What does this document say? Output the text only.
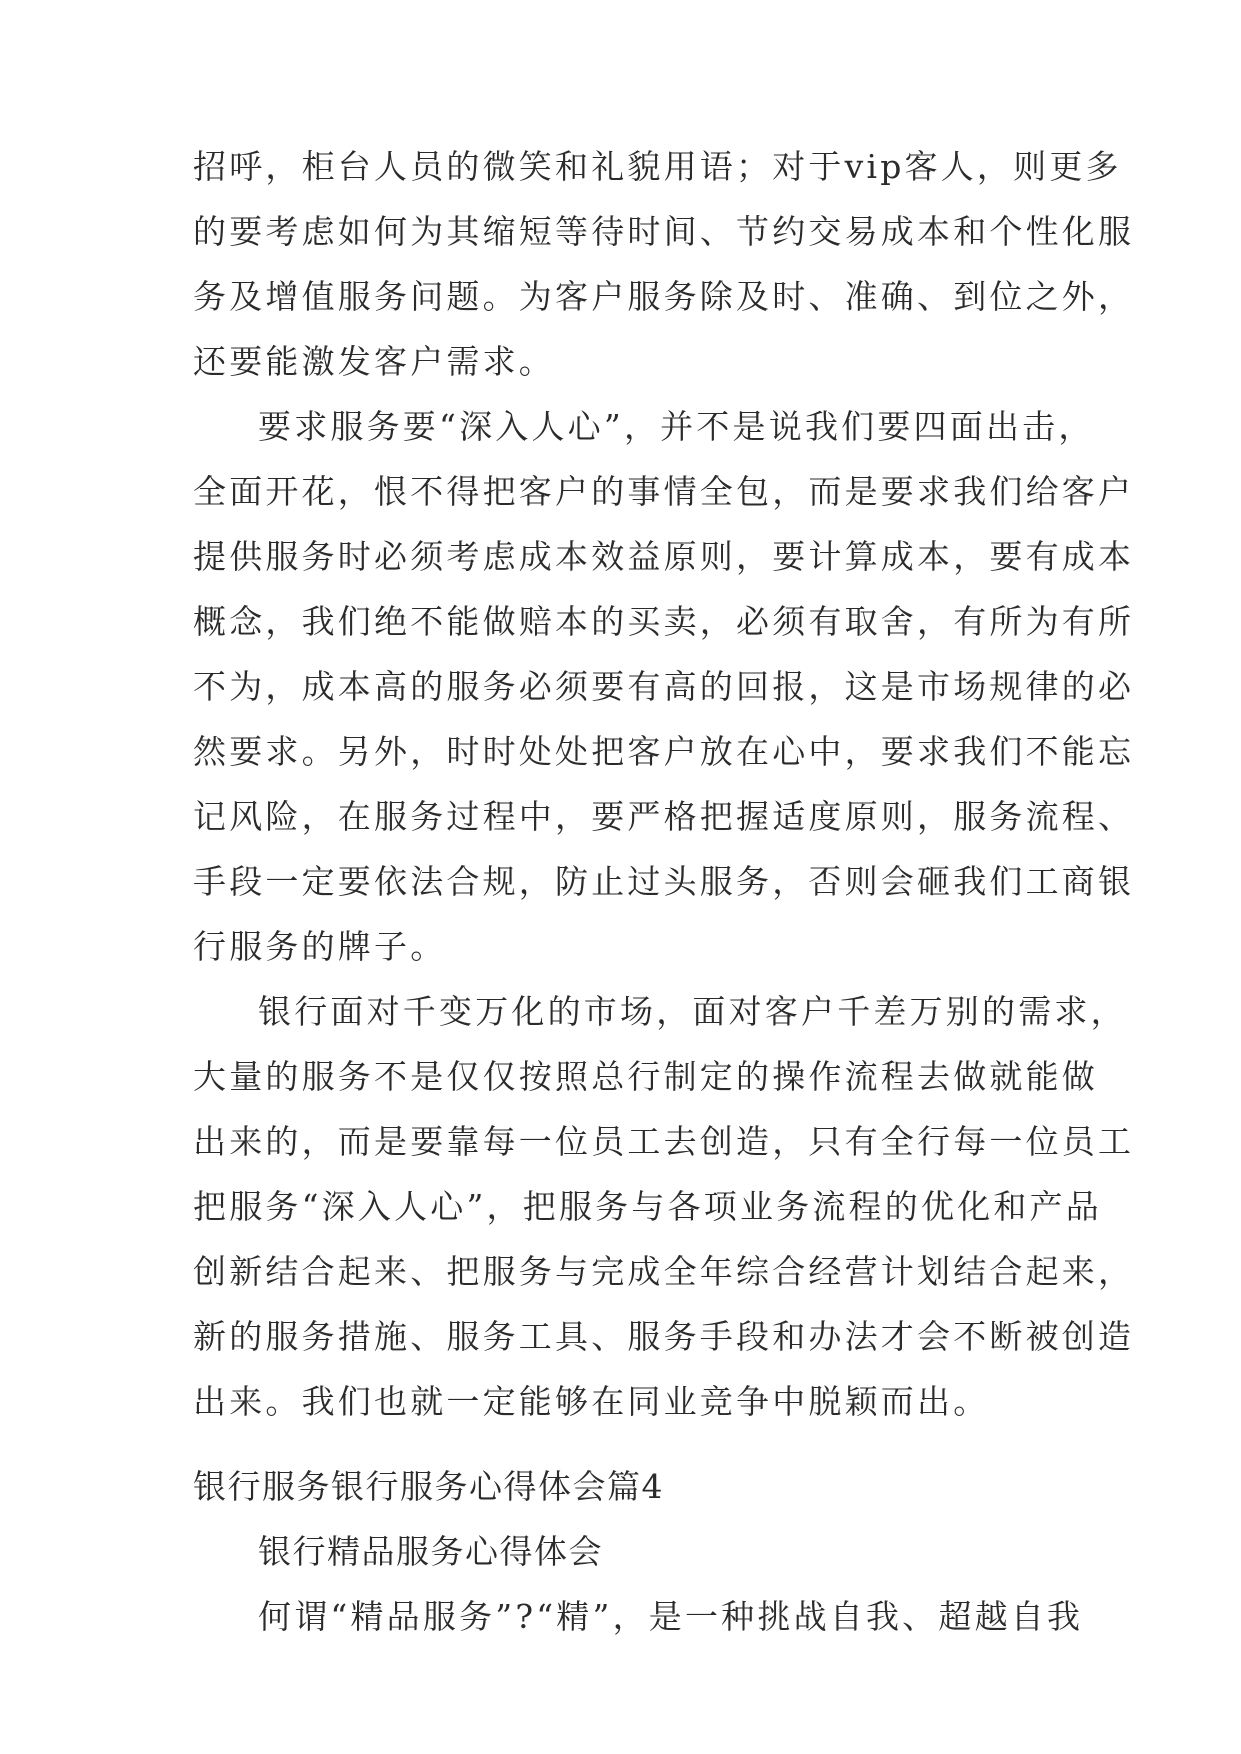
招呼，柜台人员的微笑和礼貌用语；对于vip客人，则更多
的要考虑如何为其缩短等待时间、节约交易成本和个性化服
务及增值服务问题。为客户服务除及时、准确、到位之外，
还要能激发客户需求。
要求服务要“深入人心”，并不是说我们要四面出击，
全面开花，恨不得把客户的事情全包，而是要求我们给客户
提供服务时必须考虑成本效益原则，要计算成本，要有成本
概念，我们绝不能做赔本的买卖，必须有取舍，有所为有所
不为，成本高的服务必须要有高的回报，这是市场规律的必
然要求。另外，时时处处把客户放在心中，要求我们不能忘
记风险，在服务过程中，要严格把握适度原则，服务流程、
手段一定要依法合规，防止过头服务，否则会砸我们工商银
行服务的牌子。
银行面对千变万化的市场，面对客户千差万别的需求，
大量的服务不是仅仅按照总行制定的操作流程去做就能做
出来的，而是要靠每一位员工去创造，只有全行每一位员工
把服务“深入人心”，把服务与各项业务流程的优化和产品
创新结合起来、把服务与完成全年综合经营计划结合起来，
新的服务措施、服务工具、服务手段和办法才会不断被创造
出来。我们也就一定能够在同业竞争中脱颖而出。
银行服务银行服务心得体会篇4
银行精品服务心得体会
何谓“精品服务”?“精”，是一种挑战自我、超越自我
